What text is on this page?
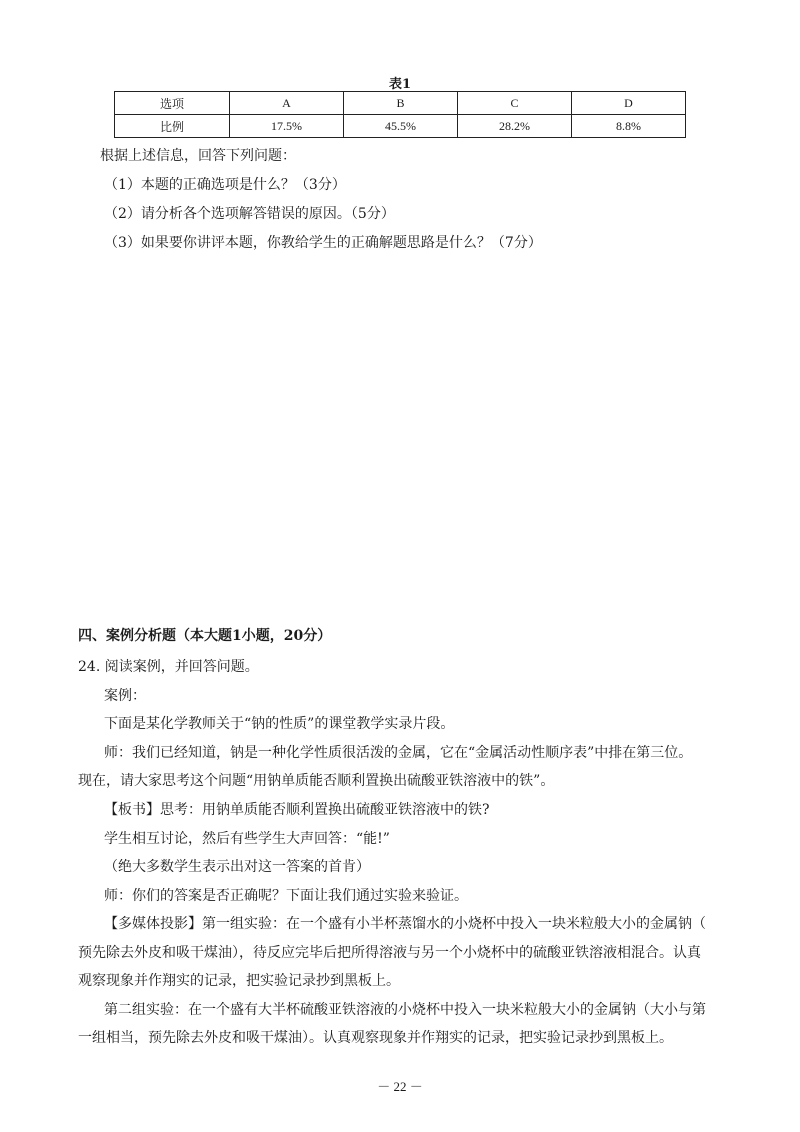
表1
选项	A	B	C	D
比例	17.5%	45.5%	28.2%	8.8%
根据上述信息，回答下列问题：
（1）本题的正确选项是什么？（3分）
（2）请分析各个选项解答错误的原因。（5分）
（3）如果要你讲评本题，你教给学生的正确解题思路是什么？（7分）
四、案例分析题（本大题1小题，20分）
24. 阅读案例，并回答问题。
案例：
下面是某化学教师关于“钠的性质”的课堂教学实录片段。
师：我们已经知道，钠是一种化学性质很活泼的金属，它在“金属活动性顺序表”中排在第三位。
现在，请大家思考这个问题“用钠单质能否顺利置换出硫酸亚铁溶液中的铁”。
【板书】思考：用钠单质能否顺利置换出硫酸亚铁溶液中的铁?
学生相互讨论，然后有些学生大声回答：“能!”
（绝大多数学生表示出对这一答案的首肯）
师：你们的答案是否正确呢？下面让我们通过实验来验证。
【多媒体投影】第一组实验：在一个盛有小半杯蒸馏水的小烧杯中投入一块米粒般大小的金属钠（
预先除去外皮和吸干煤油），待反应完毕后把所得溶液与另一个小烧杯中的硫酸亚铁溶液相混合。认真
观察现象并作翔实的记录，把实验记录抄到黑板上。
第二组实验：在一个盛有大半杯硫酸亚铁溶液的小烧杯中投入一块米粒般大小的金属钠（大小与第
一组相当，预先除去外皮和吸干煤油）。认真观察现象并作翔实的记录，把实验记录抄到黑板上。
－ 22 －
